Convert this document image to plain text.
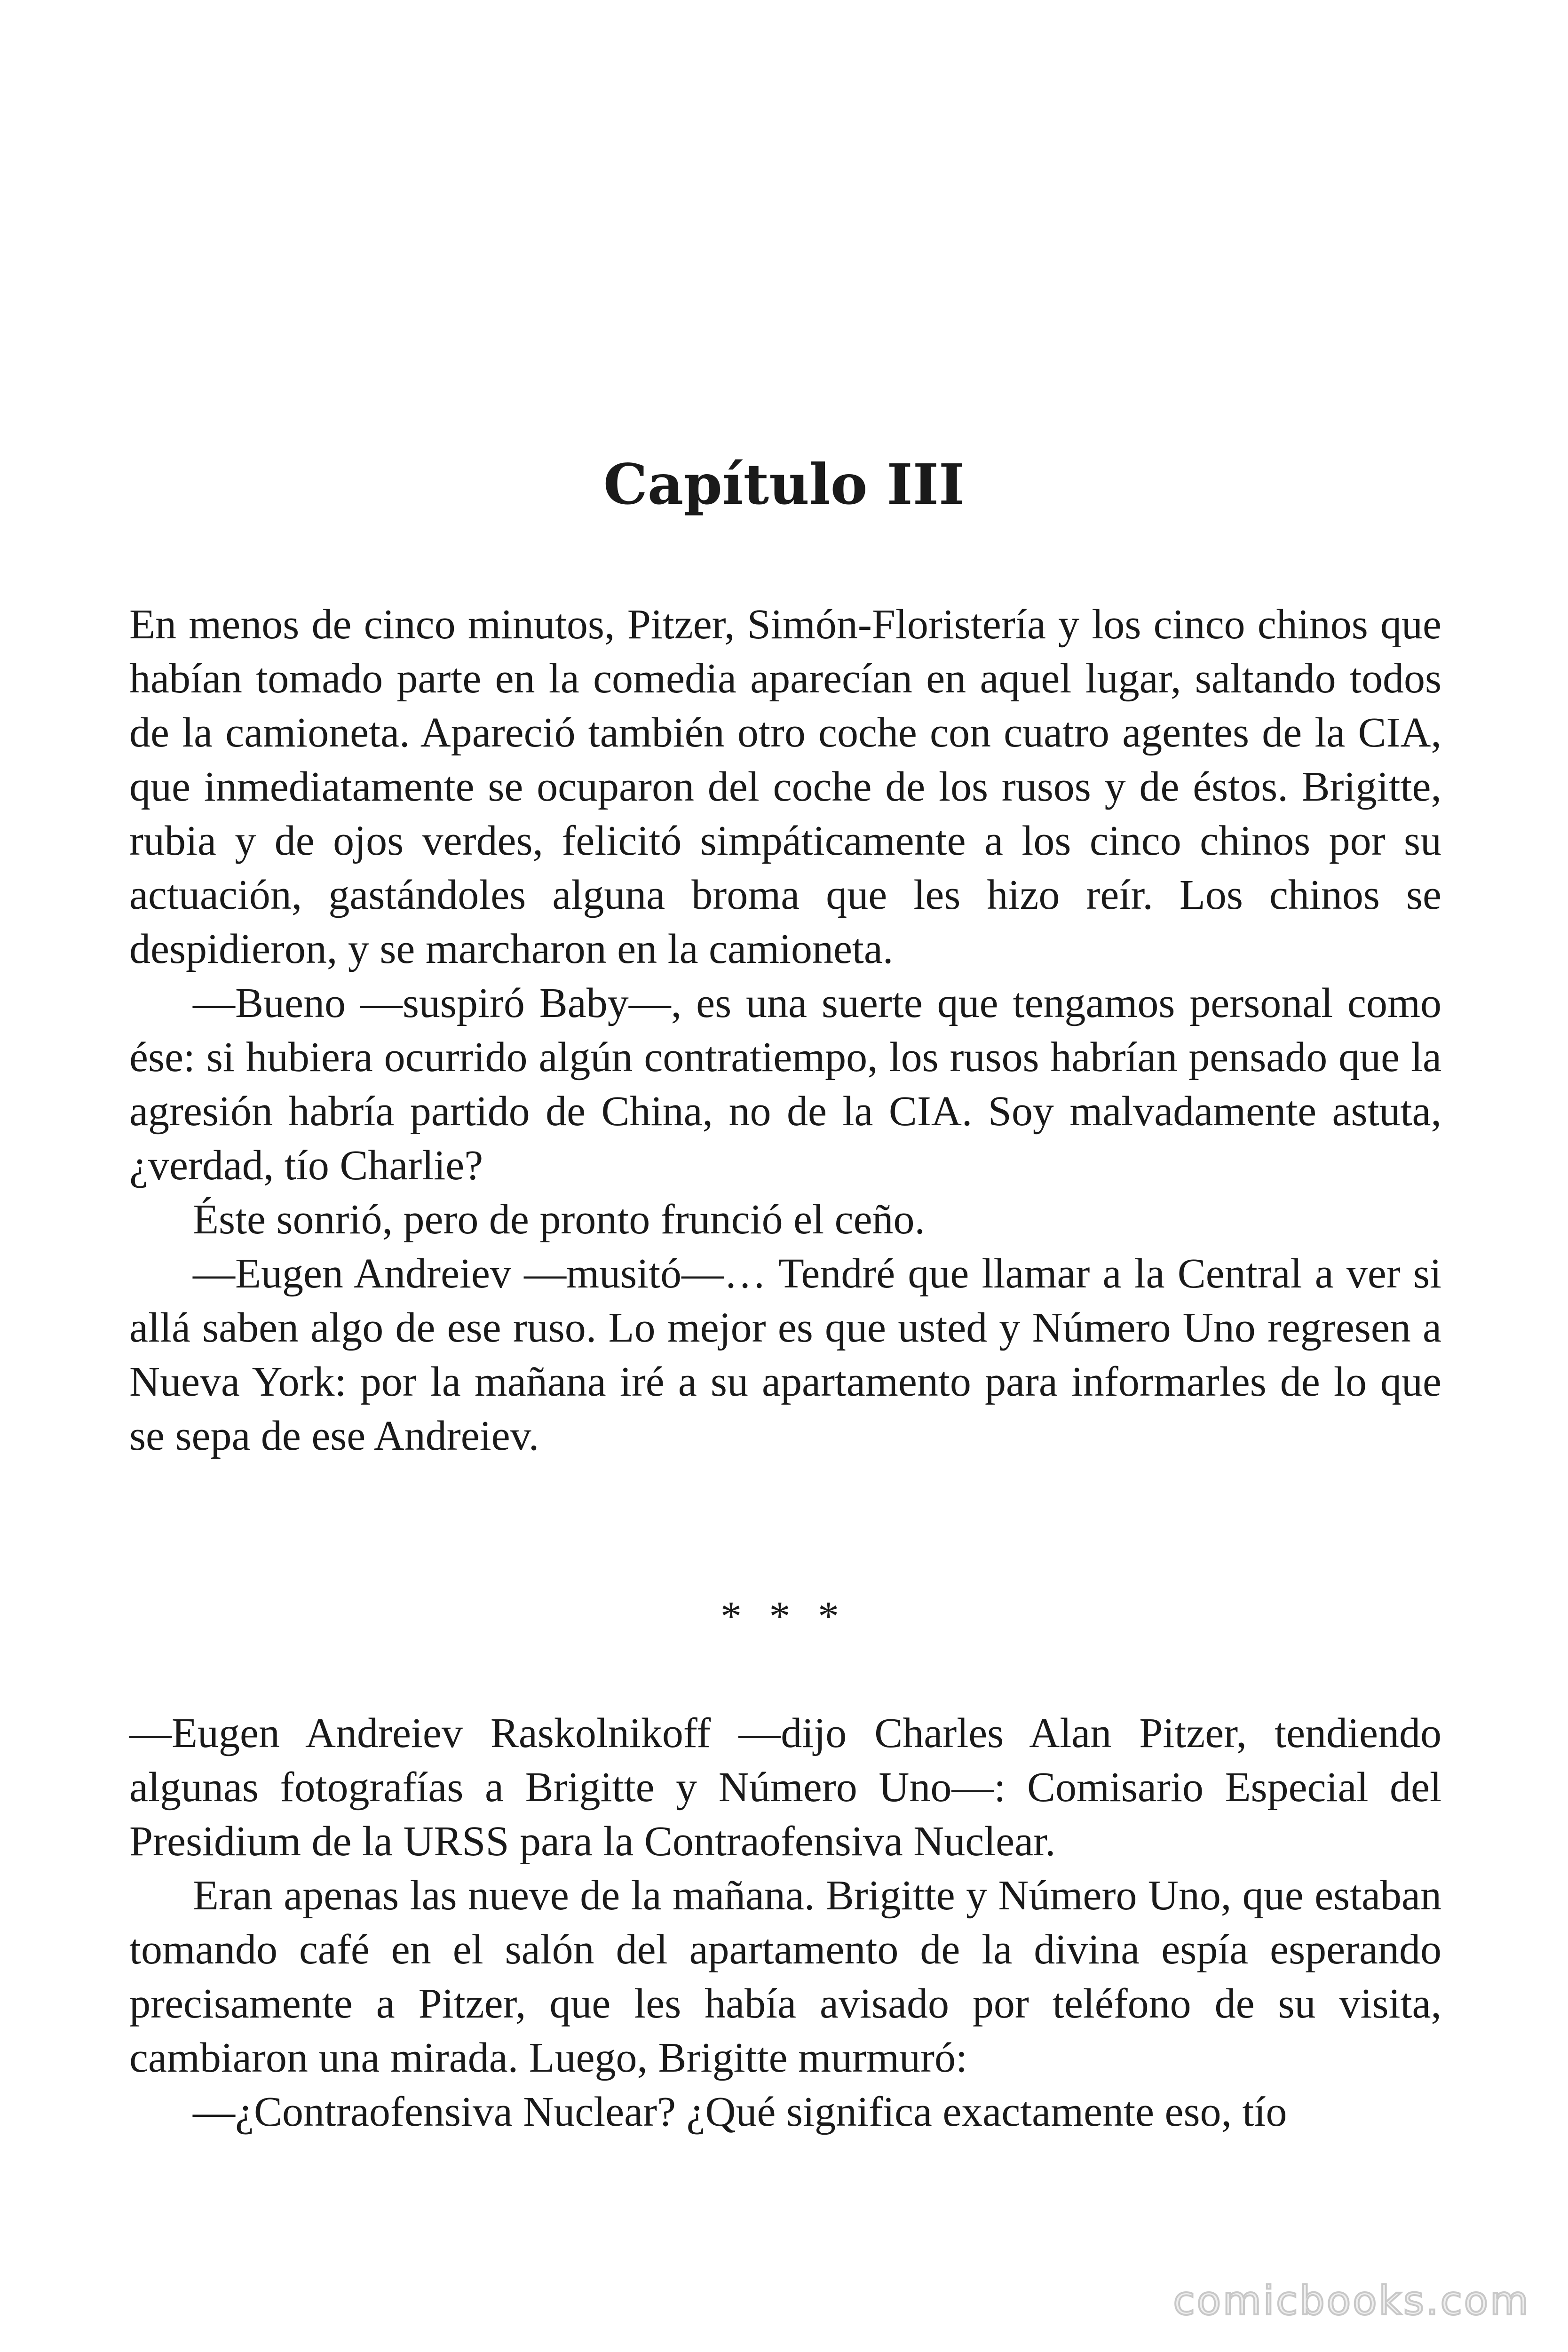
Capítulo III

En menos de cinco minutos, Pitzer, Simón-Floristería y los cinco chinos que habían tomado parte en la comedia aparecían en aquel lugar, saltando todos de la camioneta. Apareció también otro coche con cuatro agentes de la CIA, que inmediatamente se ocuparon del coche de los rusos y de éstos. Brigitte, rubia y de ojos verdes, felicitó simpáticamente a los cinco chinos por su actuación, gastándoles alguna broma que les hizo reír. Los chinos se despidieron, y se marcharon en la camioneta.

—Bueno —suspiró Baby—, es una suerte que tengamos personal como ése: si hubiera ocurrido algún contratiempo, los rusos habrían pensado que la agresión habría partido de China, no de la CIA. Soy malvadamente astuta, ¿verdad, tío Charlie?

Éste sonrió, pero de pronto frunció el ceño.

—Eugen Andreiev —musitó—… Tendré que llamar a la Central a ver si allá saben algo de ese ruso. Lo mejor es que usted y Número Uno regresen a Nueva York: por la mañana iré a su apartamento para informarles de lo que se sepa de ese Andreiev.

* * *

—Eugen Andreiev Raskolnikoff —dijo Charles Alan Pitzer, tendiendo algunas fotografías a Brigitte y Número Uno—: Comisario Especial del Presidium de la URSS para la Contraofensiva Nuclear.

Eran apenas las nueve de la mañana. Brigitte y Número Uno, que estaban tomando café en el salón del apartamento de la divina espía esperando precisamente a Pitzer, que les había avisado por teléfono de su visita, cambiaron una mirada. Luego, Brigitte murmuró:

—¿Contraofensiva Nuclear? ¿Qué significa exactamente eso, tío

comicbooks.com
